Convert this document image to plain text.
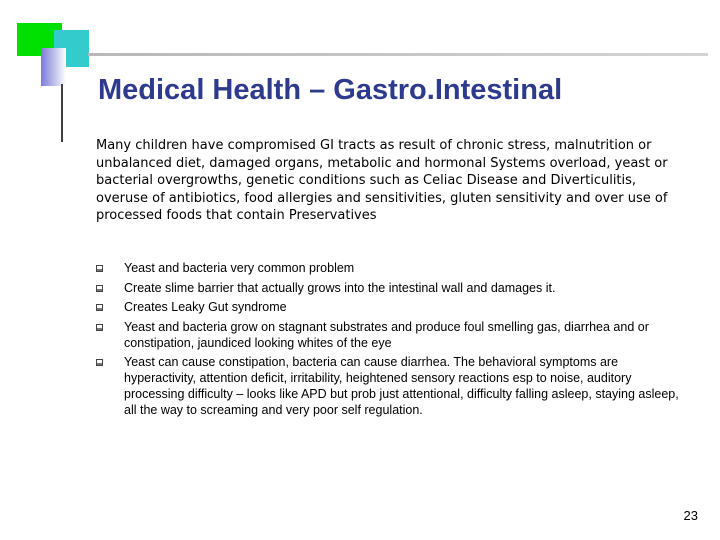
Medical Health – Gastro.Intestinal

Many children have compromised GI tracts as result of chronic stress, malnutrition or unbalanced diet, damaged organs, metabolic and hormonal Systems overload, yeast or bacterial overgrowths, genetic conditions such as Celiac Disease and Diverticulitis, overuse of antibiotics, food allergies and sensitivities, gluten sensitivity and over use of processed foods that contain Preservatives

Yeast and bacteria very common problem
Create slime barrier that actually grows into the intestinal wall and damages it.
Creates Leaky Gut syndrome
Yeast and bacteria grow on stagnant substrates and produce foul smelling gas, diarrhea and or constipation, jaundiced looking whites of the eye
Yeast can cause constipation, bacteria can cause diarrhea. The behavioral symptoms are hyperactivity, attention deficit, irritability, heightened sensory reactions esp to noise, auditory processing difficulty – looks like APD but prob just attentional, difficulty falling asleep, staying asleep, all the way to screaming and very poor self regulation.

23
